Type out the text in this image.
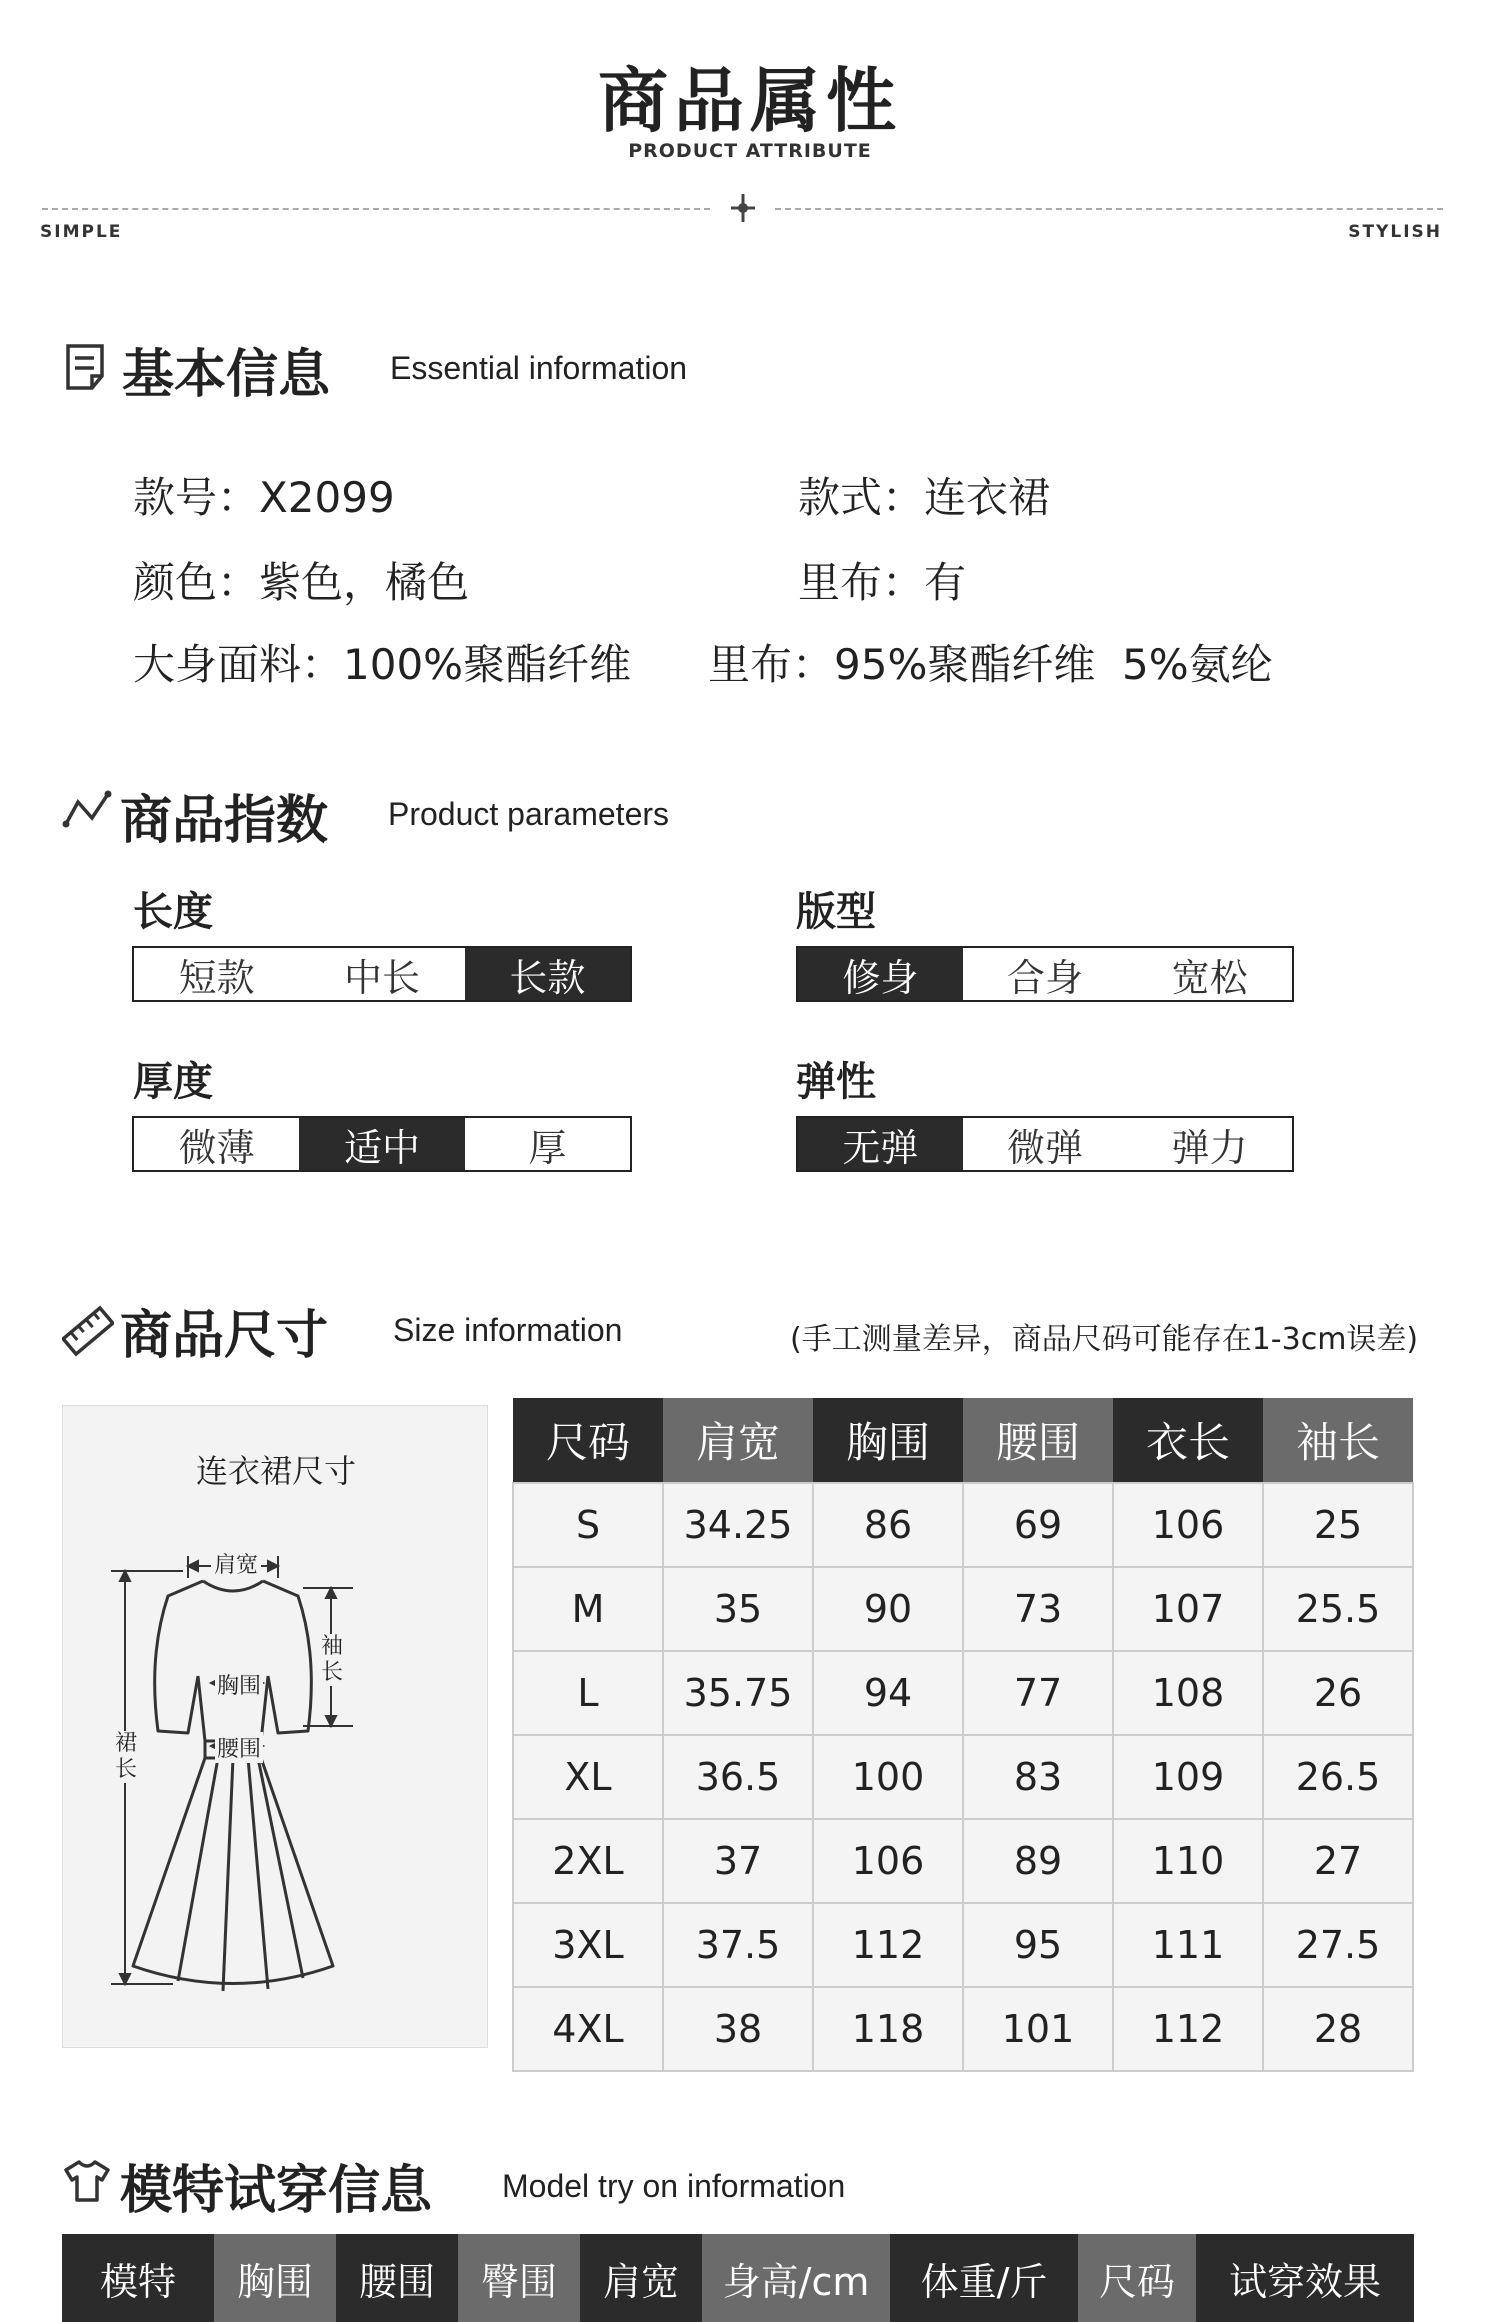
商品属性
PRODUCT ATTRIBUTE
SIMPLE	STYLISH
基本信息 Essential information
款号：X2099	款式：连衣裙
颜色：紫色，橘色	里布：有
大身面料：100%聚酯纤维 里布：95%聚酯纤维  5%氨纶
商品指数 Product parameters
长度
短款	中长	长款
版型
修身	合身	宽松
厚度
微薄	适中	厚
弹性
无弹	微弹	弹力
商品尺寸 Size information	(手工测量差异，商品尺码可能存在1-3cm误差)
连衣裙尺寸
肩宽
胸围
腰围
袖长
裙长
尺码	肩宽	胸围	腰围	衣长	袖长
S	34.25	86	69	106	25
M	35	90	73	107	25.5
L	35.75	94	77	108	26
XL	36.5	100	83	109	26.5
2XL	37	106	89	110	27
3XL	37.5	112	95	111	27.5
4XL	38	118	101	112	28
模特试穿信息 Model try on information
模特	胸围	腰围	臀围	肩宽	身高/cm	体重/斤	尺码	试穿效果
